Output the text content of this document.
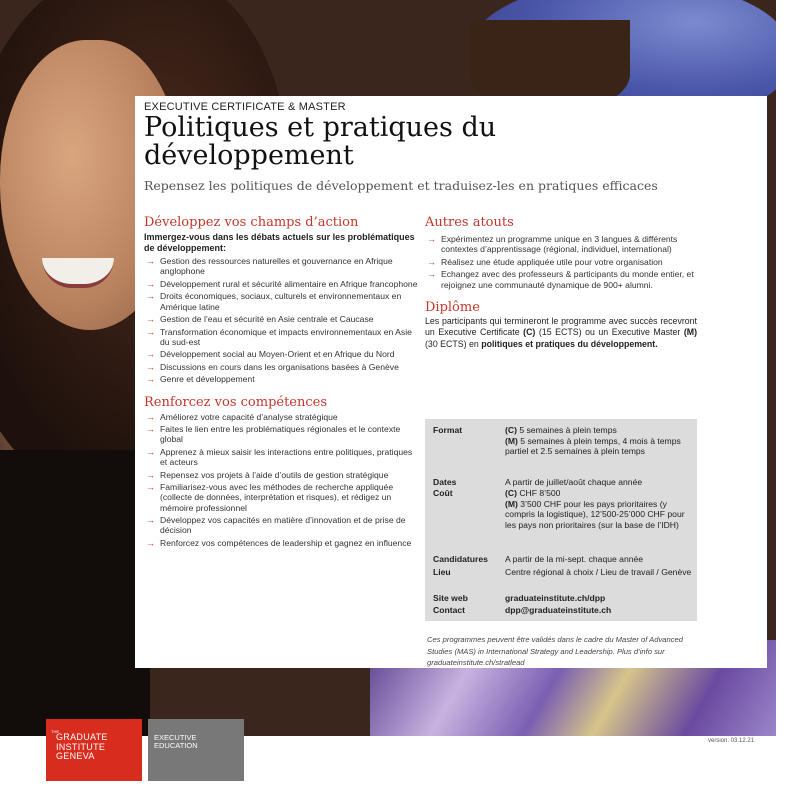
EXECUTIVE CERTIFICATE & MASTER
Politiques et pratiques du
développement
Repensez les politiques de développement et traduisez-les en pratiques efficaces
Développez vos champs d’action
Immergez-vous dans les débats actuels sur les problématiques de développement:
→ Gestion des ressources naturelles et gouvernance en Afrique anglophone
→ Développement rural et sécurité alimentaire en Afrique francophone
→ Droits économiques, sociaux, culturels et environnementaux en Amérique latine
→ Gestion de l’eau et sécurité en Asie centrale et Caucase
→ Transformation économique et impacts environnementaux en Asie du sud-est
→ Développement social au Moyen-Orient et en Afrique du Nord
→ Discussions en cours dans les organisations basées à Genève
→ Genre et développement
Renforcez vos compétences
→ Améliorez votre capacité d’analyse stratégique
→ Faites le lien entre les problématiques régionales et le contexte global
→ Apprenez à mieux saisir les interactions entre politiques, pratiques et acteurs
→ Repensez vos projets à l’aide d’outils de gestion stratégique
→ Familiarisez-vous avec les méthodes de recherche appliquée (collecte de données, interprétation et risques), et rédigez un mémoire professionnel
→ Développez vos capacités en matière d’innovation et de prise de décision
→ Renforcez vos compétences de leadership et gagnez en influence
Autres atouts
→ Expérimentez un programme unique en 3 langues & différents contextes d’apprentissage (régional, individuel, international)
→ Réalisez une étude appliquée utile pour votre organisation
→ Echangez avec des professeurs & participants du monde entier, et rejoignez une communauté dynamique de 900+ alumni.
Diplôme
Les participants qui termineront le programme avec succès recevront un Executive Certificate (C) (15 ECTS) ou un Executive Master (M) (30 ECTS) en politiques et pratiques du développement.
Format	(C) 5 semaines à plein temps
(M) 5 semaines à plein temps, 4 mois à temps partiel et 2.5 semaines à plein temps
Dates	A partir de juillet/août chaque année
Coût	(C) CHF 8’500
(M) 3’500 CHF pour les pays prioritaires (y compris la logistique), 12’500-25’000 CHF pour les pays non prioritaires (sur la base de l’IDH)
Candidatures	A partir de la mi-sept. chaque année
Lieu	Centre régional à choix / Lieu de travail / Genève
Site web	graduateinstitute.ch/dpp
Contact	dpp@graduateinstitute.ch
Ces programmes peuvent être validés dans le cadre du Master of Advanced Studies (MAS) in International Strategy and Leadership. Plus d’info sur graduateinstitute.ch/stratlead
THE
GRADUATE
INSTITUTE
GENEVA
EXECUTIVE
EDUCATION	version: 03.12.21
